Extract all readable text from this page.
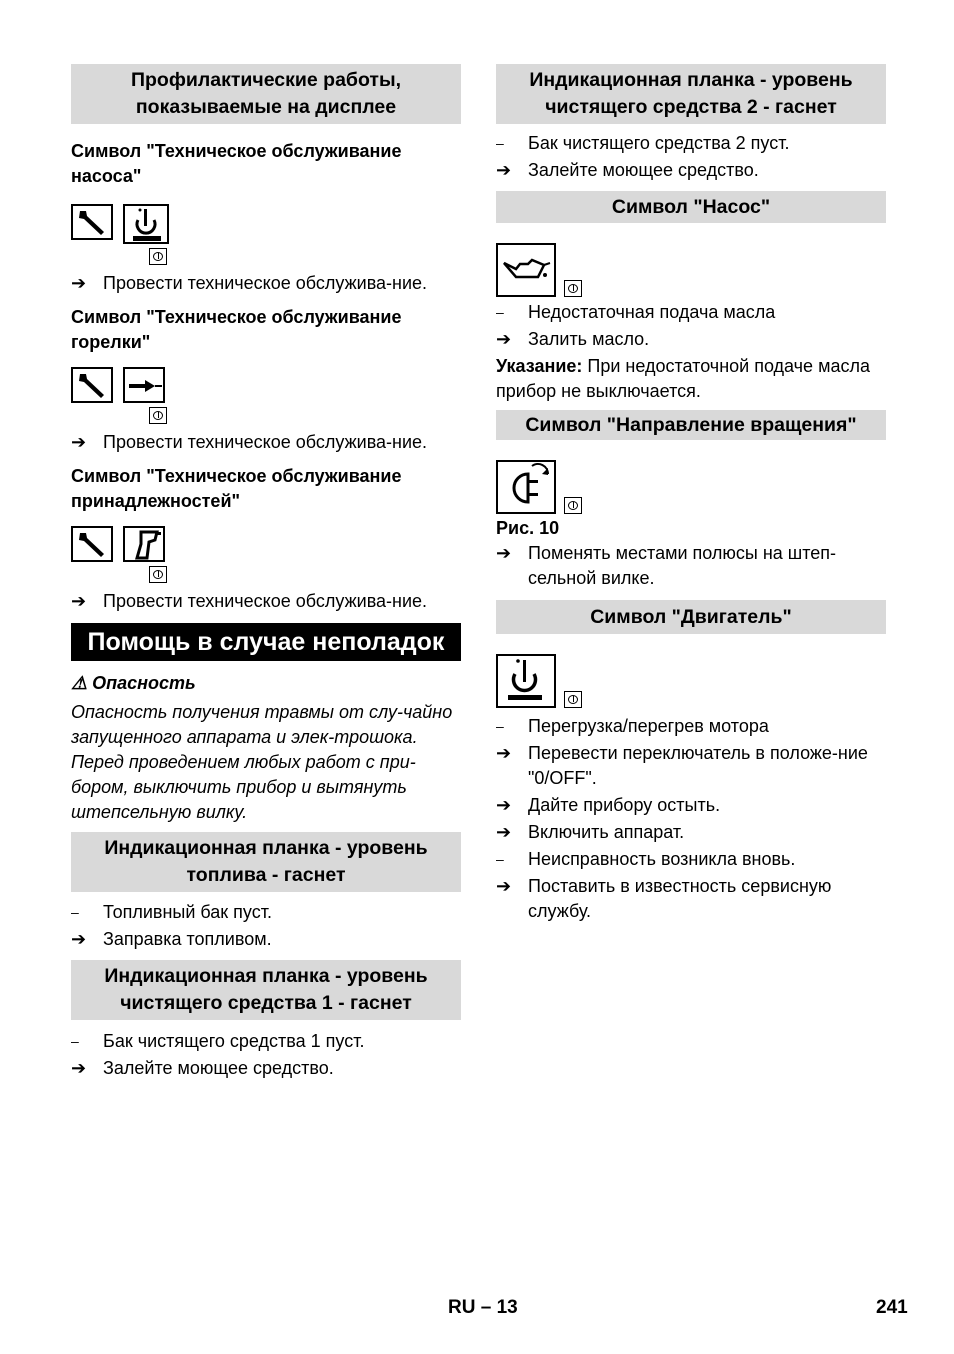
Профилактические работы, показываемые на дисплее
Символ "Техническое обслуживание насоса"
➔ Провести техническое обслужива-ние.
Символ "Техническое обслуживание горелки"
➔ Провести техническое обслужива-ние.
Символ "Техническое обслуживание принадлежностей"
➔ Провести техническое обслужива-ние.
Помощь в случае неполадок
⚠ Опасность
Опасность получения травмы от слу-чайно запущенного аппарата и элек-трошока.
Перед проведением любых работ с при-бором, выключить прибор и вытянуть штепсельную вилку.
Индикационная планка - уровень топлива - гаснет
–	Топливный бак пуст.
➔ Заправка топливом.
Индикационная планка - уровень чистящего средства 1 - гаснет
–	Бак чистящего средства 1 пуст.
➔ Залейте моющее средство.
Индикационная планка - уровень чистящего средства 2 - гаснет
–	Бак чистящего средства 2 пуст.
➔ Залейте моющее средство.
Символ "Насос"
–	Недостаточная подача масла
➔ Залить масло.
Указание: При недостаточной подаче масла прибор не выключается.
Символ "Направление вращения"
Рис. 10
➔ Поменять местами полюсы на штеп-сельной вилке.
Символ "Двигатель"
–	Перегрузка/перегрев мотора
➔ Перевести переключатель в положе-ние "0/OFF".
➔ Дайте прибору остыть.
➔ Включить аппарат.
–	Неисправность возникла вновь.
➔ Поставить в известность сервисную службу.
RU – 13	241
